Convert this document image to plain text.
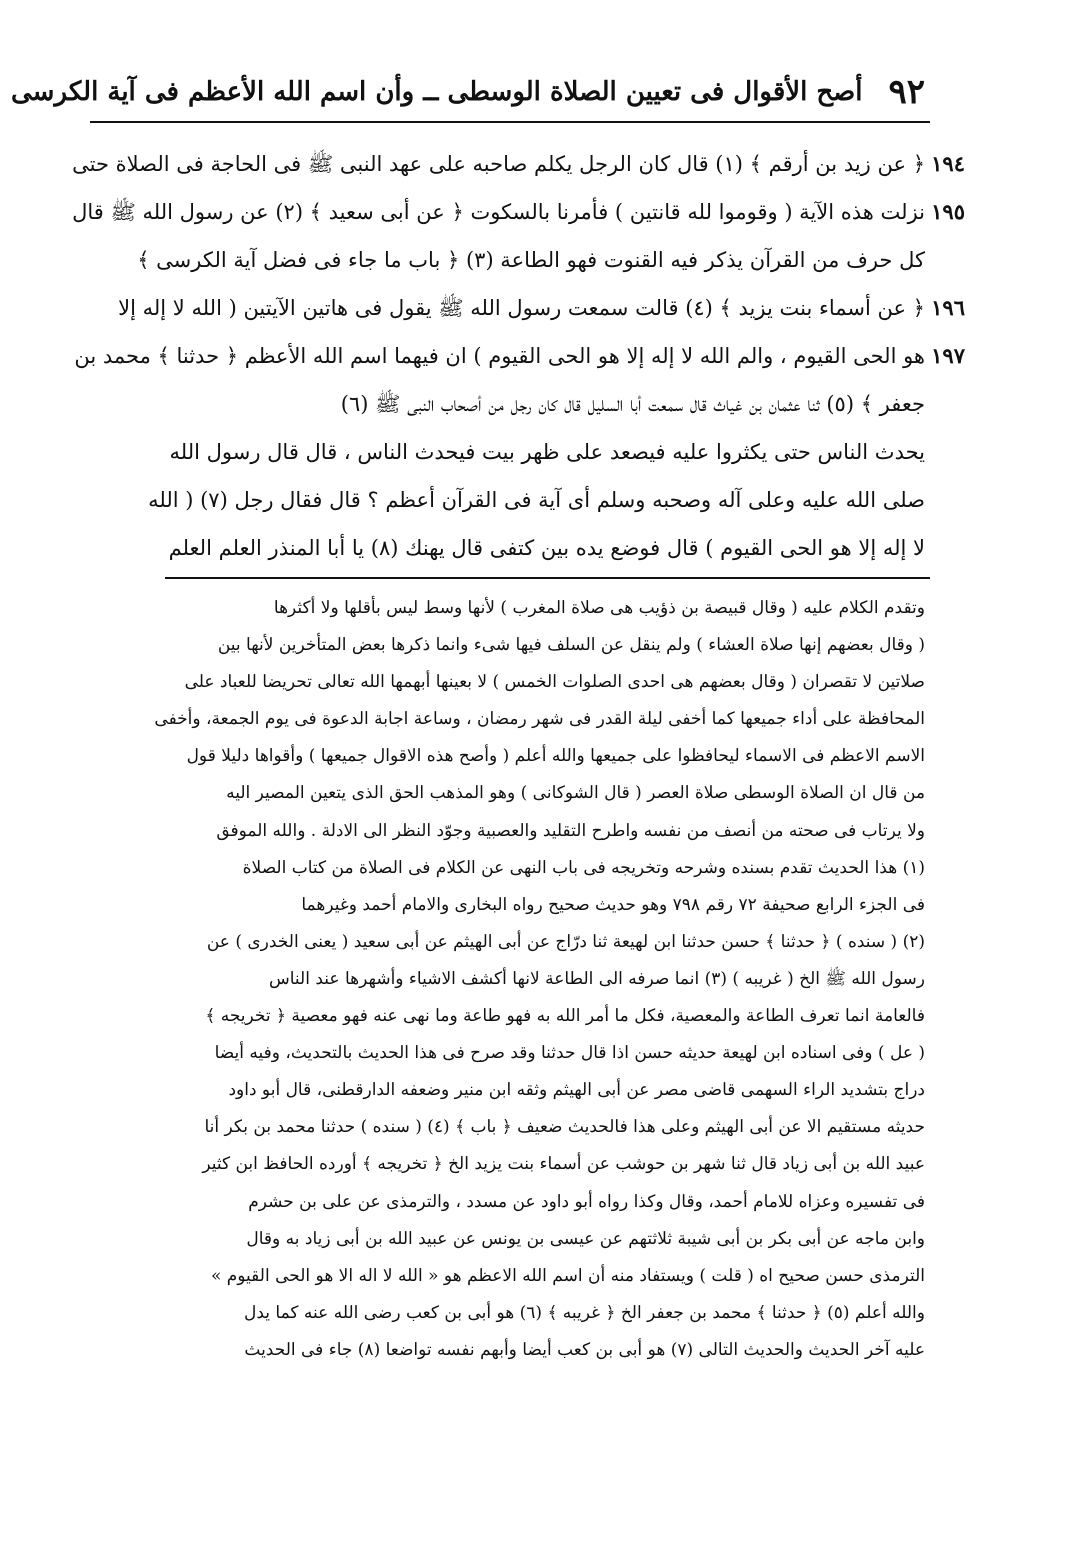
٩٢
أصح الأقوال فى تعيين الصلاة الوسطى ــ وأن اسم الله الأعظم فى آية الكرسى
١٩٤
١٩٥
١٩٦
١٩٧
﴿ عن زيد بن أرقم ﴾ (١) قال كان الرجل يكلم صاحبه على عهد النبى ﷺ فى الحاجة فى الصلاة حتى
نزلت هذه الآية ( وقوموا لله قانتين ) فأمرنا بالسكوت ﴿ عن أبى سعيد ﴾ (٢) عن رسول الله ﷺ قال
كل حرف من القرآن يذكر فيه القنوت فهو الطاعة (٣) ﴿ باب ما جاء فى فضل آية الكرسى ﴾
﴿ عن أسماء بنت يزيد ﴾ (٤) قالت سمعت رسول الله ﷺ يقول فى هاتين الآيتين ( الله لا إله إلا
هو الحى القيوم ، والم الله لا إله إلا هو الحى القيوم ) ان فيهما اسم الله الأعظم ﴿ حدثنا ﴾ محمد بن
جعفر ﴾ (٥) ثنا عثمان بن غياث قال سمعت أبا السليل قال كان رجل من أصحاب النبى ﷺ (٦)
يحدث الناس حتى يكثروا عليه فيصعد على ظهر بيت فيحدث الناس ، قال قال رسول الله
صلى الله عليه وعلى آله وصحبه وسلم أى آية فى القرآن أعظم ؟ قال فقال رجل (٧) ( الله
لا إله إلا هو الحى القيوم ) قال فوضع يده بين كتفى قال يهنك (٨) يا أبا المنذر العلم العلم
وتقدم الكلام عليه ( وقال قبيصة بن ذؤيب هى صلاة المغرب ) لأنها وسط ليس بأقلها ولا أكثرها
( وقال بعضهم إنها صلاة العشاء ) ولم ينقل عن السلف فيها شىء وانما ذكرها بعض المتأخرين لأنها بين
صلاتين لا تقصران ( وقال بعضهم هى احدى الصلوات الخمس ) لا بعينها أبهمها الله تعالى تحريضا للعباد على
المحافظة على أداء جميعها كما أخفى ليلة القدر فى شهر رمضان ، وساعة اجابة الدعوة فى يوم الجمعة، وأخفى
الاسم الاعظم فى الاسماء ليحافظوا على جميعها والله أعلم ( وأصح هذه الاقوال جميعها ) وأقواها دليلا قول
من قال ان الصلاة الوسطى صلاة العصر ( قال الشوكانى ) وهو المذهب الحق الذى يتعين المصير اليه
ولا يرتاب فى صحته من أنصف من نفسه واطرح التقليد والعصبية وجوّد النظر الى الادلة . والله الموفق
(١) هذا الحديث تقدم بسنده وشرحه وتخريجه فى باب النهى عن الكلام فى الصلاة من كتاب الصلاة
فى الجزء الرابع صحيفة ٧٢ رقم ٧٩٨ وهو حديث صحيح رواه البخارى والامام أحمد وغيرهما
(٢) ( سنده ) ﴿ حدثنا ﴾ حسن حدثنا ابن لهيعة ثنا درّاج عن أبى الهيثم عن أبى سعيد ( يعنى الخدرى ) عن
رسول الله ﷺ الخ ( غريبه ) (٣) انما صرفه الى الطاعة لانها أكشف الاشياء وأشهرها عند الناس
فالعامة انما تعرف الطاعة والمعصية، فكل ما أمر الله به فهو طاعة وما نهى عنه فهو معصية ﴿ تخريجه ﴾
( عل ) وفى اسناده ابن لهيعة حديثه حسن اذا قال حدثنا وقد صرح فى هذا الحديث بالتحديث، وفيه أيضا
دراج بتشديد الراء السهمى قاضى مصر عن أبى الهيثم وثقه ابن منير وضعفه الدارقطنى، قال أبو داود
حديثه مستقيم الا عن أبى الهيثم وعلى هذا فالحديث ضعيف ﴿ باب ﴾ (٤) ( سنده ) حدثنا محمد بن بكر أنا
عبيد الله بن أبى زياد قال ثنا شهر بن حوشب عن أسماء بنت يزيد الخ ﴿ تخريجه ﴾ أورده الحافظ ابن كثير
فى تفسيره وعزاه للامام أحمد، وقال وكذا رواه أبو داود عن مسدد ، والترمذى عن على بن حشرم
وابن ماجه عن أبى بكر بن أبى شيبة ثلاثتهم عن عيسى بن يونس عن عبيد الله بن أبى زياد به وقال
الترمذى حسن صحيح اه ( قلت ) ويستفاد منه أن اسم الله الاعظم هو « الله لا اله الا هو الحى القيوم »
والله أعلم (٥) ﴿ حدثنا ﴾ محمد بن جعفر الخ ﴿ غريبه ﴾ (٦) هو أبى بن كعب رضى الله عنه كما يدل
عليه آخر الحديث والحديث التالى (٧) هو أبى بن كعب أيضا وأبهم نفسه تواضعا (٨) جاء فى الحديث
